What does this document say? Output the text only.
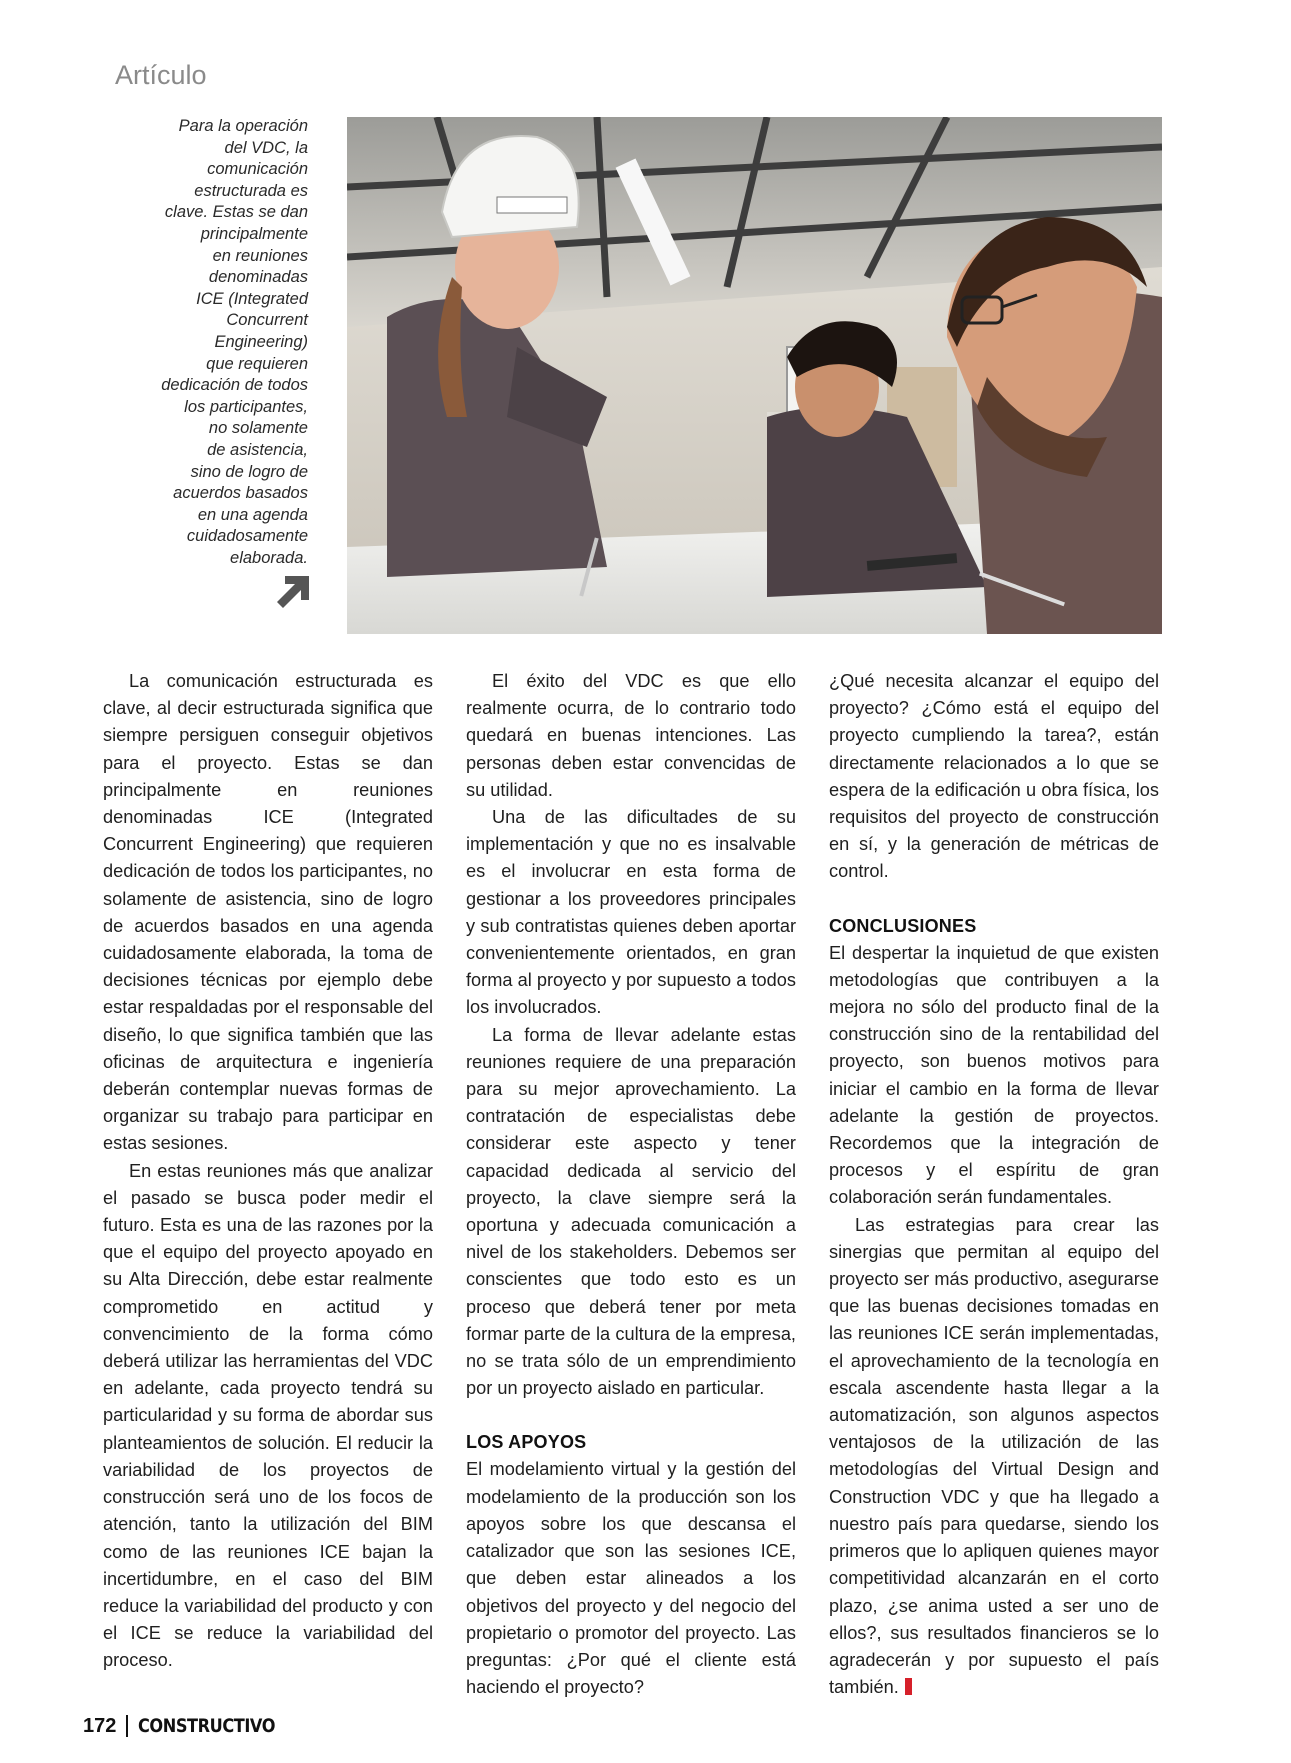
Artículo
Para la operación
del VDC, la
comunicación
estructurada es
clave. Estas se dan
principalmente
en reuniones
denominadas
ICE (Integrated
Concurrent
Engineering)
que requieren
dedicación de todos
los participantes,
no solamente
de asistencia,
sino de logro de
acuerdos basados
en una agenda
cuidadosamente
elaborada.

La comunicación estructurada es clave, al decir estructurada significa que siempre persiguen conseguir objetivos para el proyecto. Estas se dan principalmente en reuniones denominadas ICE (Integrated Concurrent Engineering) que requieren dedicación de todos los participantes, no solamente de asistencia, sino de logro de acuerdos basados en una agenda cuidadosamente elaborada, la toma de decisiones técnicas por ejemplo debe estar respaldadas por el responsable del diseño, lo que significa también que las oficinas de arquitectura e ingeniería deberán contemplar nuevas formas de organizar su trabajo para participar en estas sesiones.

En estas reuniones más que analizar el pasado se busca poder medir el futuro. Esta es una de las razones por la que el equipo del proyecto apoyado en su Alta Dirección, debe estar realmente comprometido en actitud y convencimiento de la forma cómo deberá utilizar las herramientas del VDC en adelante, cada proyecto tendrá su particularidad y su forma de abordar sus planteamientos de solución. El reducir la variabilidad de los proyectos de construcción será uno de los focos de atención, tanto la utilización del BIM como de las reuniones ICE bajan la incertidumbre, en el caso del BIM reduce la variabilidad del producto y con el ICE se reduce la variabilidad del proceso.

El éxito del VDC es que ello realmente ocurra, de lo contrario todo quedará en buenas intenciones. Las personas deben estar convencidas de su utilidad.

Una de las dificultades de su implementación y que no es insalvable es el involucrar en esta forma de gestionar a los proveedores principales y sub contratistas quienes deben aportar convenientemente orientados, en gran forma al proyecto y por supuesto a todos los involucrados.

La forma de llevar adelante estas reuniones requiere de una preparación para su mejor aprovechamiento. La contratación de especialistas debe considerar este aspecto y tener capacidad dedicada al servicio del proyecto, la clave siempre será la oportuna y adecuada comunicación a nivel de los stakeholders. Debemos ser conscientes que todo esto es un proceso que deberá tener por meta formar parte de la cultura de la empresa, no se trata sólo de un emprendimiento por un proyecto aislado en particular.

LOS APOYOS

El modelamiento virtual y la gestión del modelamiento de la producción son los apoyos sobre los que descansa el catalizador que son las sesiones ICE, que deben estar alineados a los objetivos del proyecto y del negocio del propietario o promotor del proyecto. Las preguntas: ¿Por qué el cliente está haciendo el proyecto?

¿Qué necesita alcanzar el equipo del proyecto? ¿Cómo está el equipo del proyecto cumpliendo la tarea?, están directamente relacionados a lo que se espera de la edificación u obra física, los requisitos del proyecto de construcción en sí, y la generación de métricas de control.

CONCLUSIONES

El despertar la inquietud de que existen metodologías que contribuyen a la mejora no sólo del producto final de la construcción sino de la rentabilidad del proyecto, son buenos motivos para iniciar el cambio en la forma de llevar adelante la gestión de proyectos. Recordemos que la integración de procesos y el espíritu de gran colaboración serán fundamentales.

Las estrategias para crear las sinergias que permitan al equipo del proyecto ser más productivo, asegurarse que las buenas decisiones tomadas en las reuniones ICE serán implementadas, el aprovechamiento de la tecnología en escala ascendente hasta llegar a la automatización, son algunos aspectos ventajosos de la utilización de las metodologías del Virtual Design and Construction VDC y que ha llegado a nuestro país para quedarse, siendo los primeros que lo apliquen quienes mayor competitividad alcanzarán en el corto plazo, ¿se anima usted a ser uno de ellos?, sus resultados financieros se lo agradecerán y por supuesto el país también.

172 CONSTRUCTIVO
